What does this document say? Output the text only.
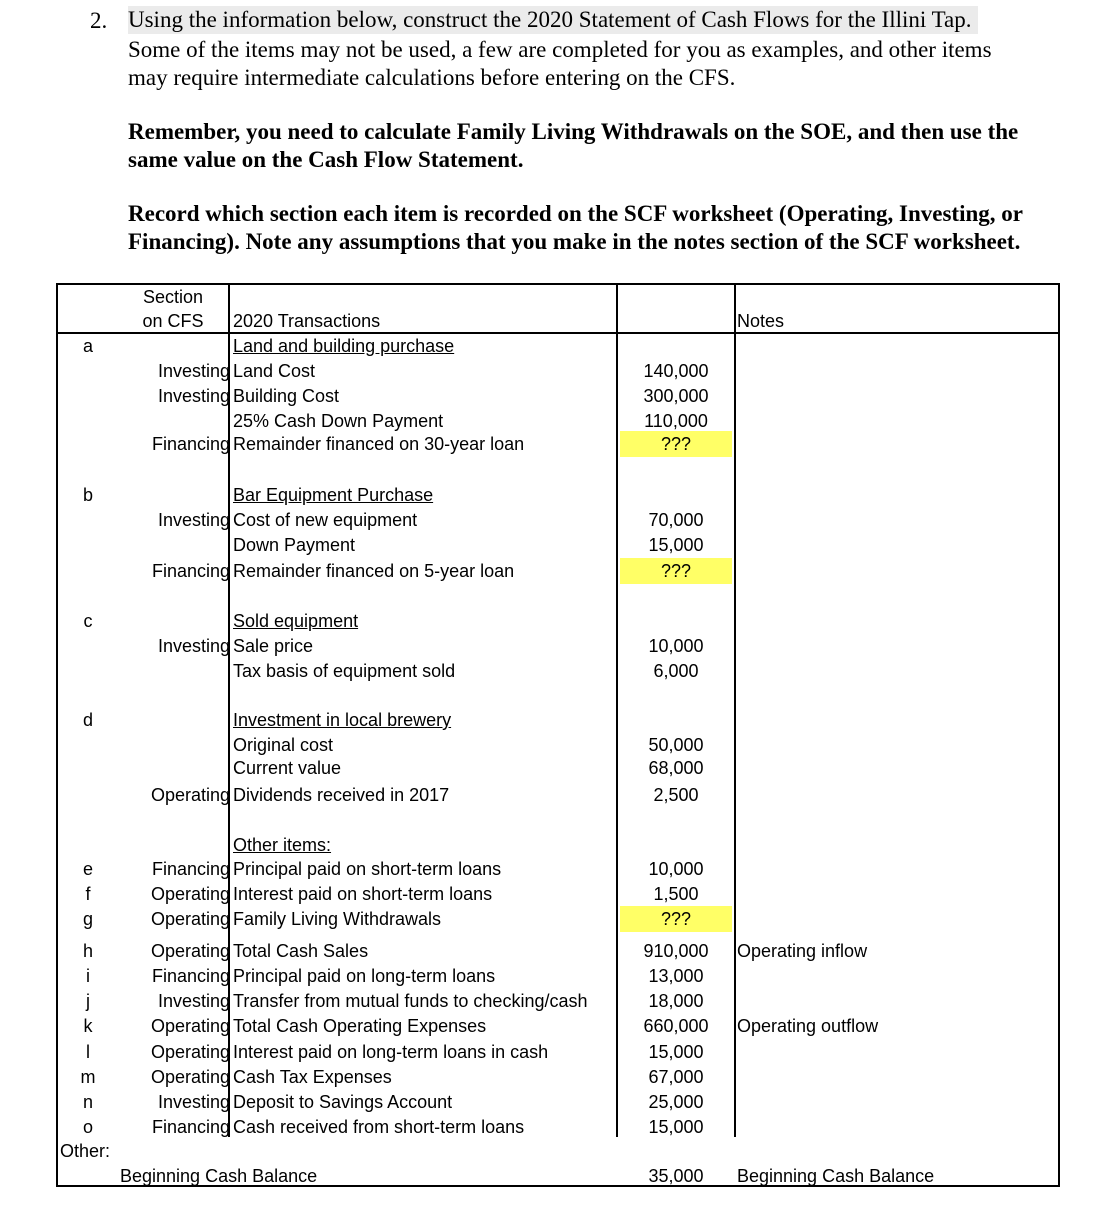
2. Using the information below, construct the 2020 Statement of Cash Flows for the Illini Tap.
Some of the items may not be used, a few are completed for you as examples, and other items
may require intermediate calculations before entering on the CFS.
Remember, you need to calculate Family Living Withdrawals on the SOE, and then use the
same value on the Cash Flow Statement.
Record which section each item is recorded on the SCF worksheet (Operating, Investing, or
Financing). Note any assumptions that you make in the notes section of the SCF worksheet.
Section
on CFS	2020 Transactions	Notes
a	Land and building purchase
Investing Land Cost	140,000
Investing Building Cost	300,000
25% Cash Down Payment	110,000
Financing Remainder financed on 30-year loan	???
b	Bar Equipment Purchase
Investing Cost of new equipment	70,000
Down Payment	15,000
Financing Remainder financed on 5-year loan	???
c	Sold equipment
Investing Sale price	10,000
Tax basis of equipment sold	6,000
d	Investment in local brewery
Original cost	50,000
Current value	68,000
Operating Dividends received in 2017	2,500
Other items:
e	Financing Principal paid on short-term loans	10,000
f	Operating Interest paid on short-term loans	1,500
g	Operating Family Living Withdrawals	???
h	Operating Total Cash Sales	910,000	Operating inflow
i	Financing Principal paid on long-term loans	13,000
j	Investing Transfer from mutual funds to checking/cash	18,000
k	Operating Total Cash Operating Expenses	660,000	Operating outflow
l	Operating Interest paid on long-term loans in cash	15,000
m	Operating Cash Tax Expenses	67,000
n	Investing Deposit to Savings Account	25,000
o	Financing Cash received from short-term loans	15,000
Other:
Beginning Cash Balance	35,000	Beginning Cash Balance
